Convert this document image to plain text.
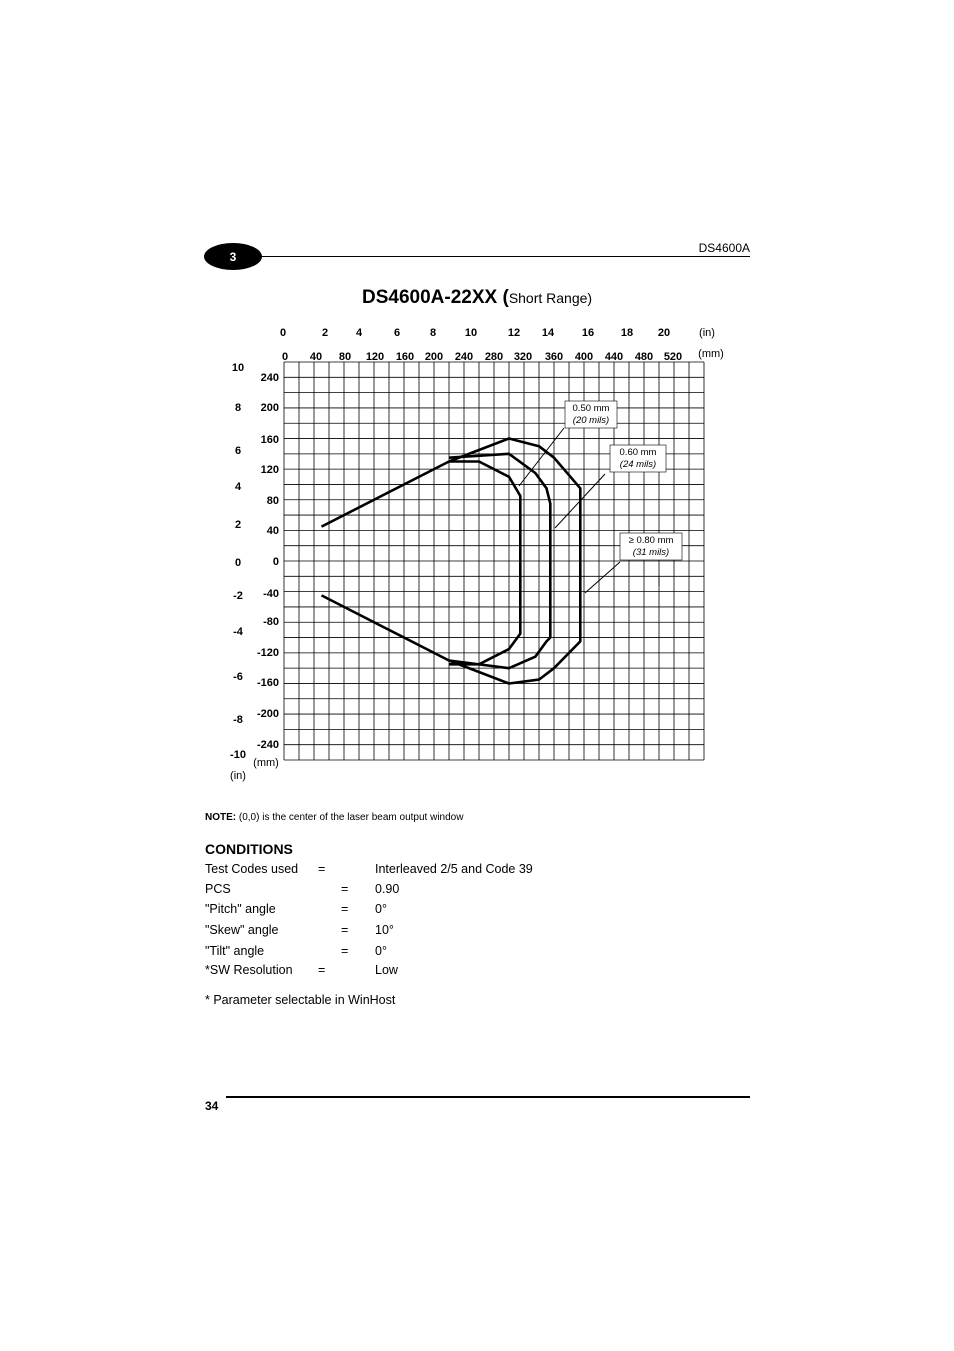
3
DS4600A
DS4600A-22XX (Short Range)
0	2	4	6	8	10	12 14	16 18 20	(in)
0 40 80 120 160 200 240 280 320 360 400 440 480 520 (mm)
10
8
6
4
2
0
-2
-4
-6
-8
-10
(in)
240
200
160
120
80
40
0
-40
-80
-120
-160
-200
-240
(mm)
0.50 mm
(20 mils)
0.60 mm
(24 mils)
≥ 0.80 mm
(31 mils)
NOTE: (0,0) is the center of the laser beam output window
CONDITIONS
Test Codes used =	Interleaved 2/5 and Code 39
PCS	= 0.90
"Pitch" angle	= 0°
"Skew" angle	= 10°
"Tilt" angle	= 0°
*SW Resolution =	Low
* Parameter selectable in WinHost
34
